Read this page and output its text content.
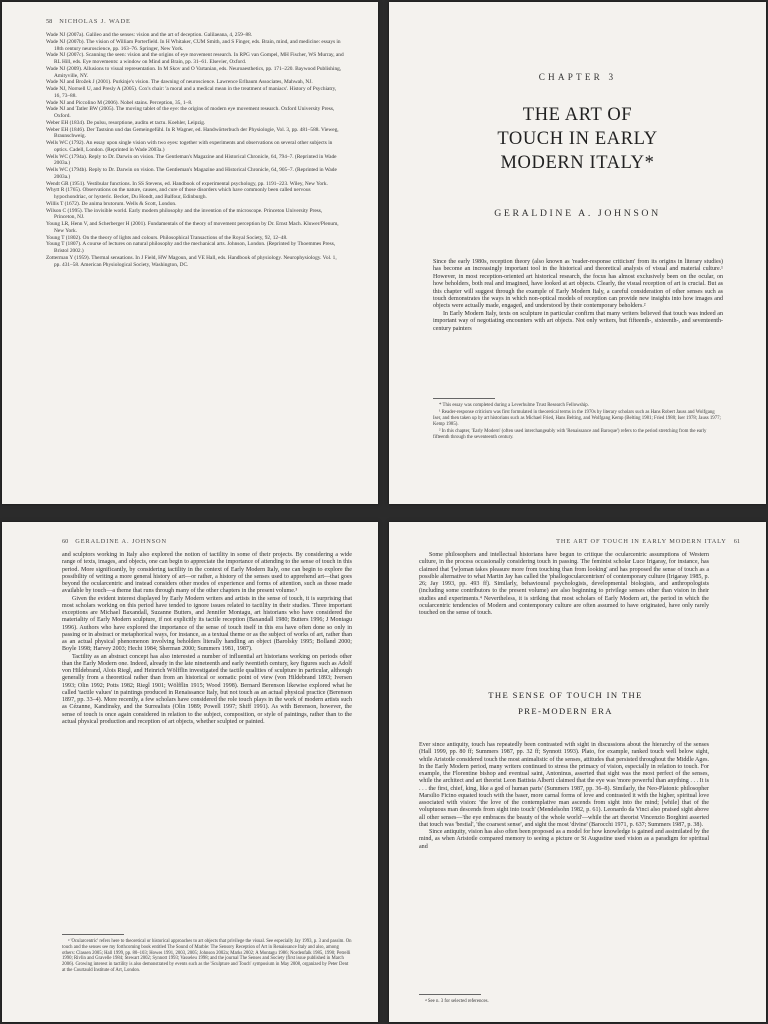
58 NICHOLAS J. WADE

Wade NJ (2007a). Galileo and the senses: vision and the art of deception. Galilaeana, 4, 259–88.

Wade NJ (2007b). The vision of William Porterfield. In H Whitaker, CUM Smith, and S Finger, eds. Brain, mind, and medicine: essays in 18th century neuroscience, pp. 163–76. Springer, New York.

Wade NJ (2007c). Scanning the seen: vision and the origins of eye movement research. In RPG van Gompel, MH Fischer, WS Murray, and RL Hill, eds. Eye movements: a window on Mind and Brain, pp. 31–61. Elsevier, Oxford.

Wade NJ (2009). Allusions to visual representation. In M Skov and O Vartanian, eds. Neuroaesthetics, pp. 171–220. Baywood Publishing, Amityville, NY.

Wade NJ and Brožek J (2001). Purkinje's vision. The dawning of neuroscience. Lawrence Erlbaum Associates, Mahwah, NJ.

Wade NJ, Norrsell U, and Presly A (2005). Cox's chair: 'a moral and a medical mean in the treatment of maniacs'. History of Psychiatry, 16, 73–88.

Wade NJ and Piccolino M (2006). Nobel stains. Perception, 35, 1–8.

Wade NJ and Tatler BW (2005). The moving tablet of the eye: the origins of modern eye movement research. Oxford University Press, Oxford.

Weber EH (1834). De pulsu, resorptione, auditu et tactu. Koehler, Leipzig.

Weber EH (1846). Der Tastsinn und das Gemeingefühl. In R Wagner, ed. Handwörterbuch der Physiologie, Vol. 3, pp. 481–588. Vieweg, Braunschweig.

Wells WC (1792). An essay upon single vision with two eyes: together with experiments and observations on several other subjects in optics. Cadell, London. (Reprinted in Wade 2003a.)

Wells WC (1794a). Reply to Dr. Darwin on vision. The Gentleman's Magazine and Historical Chronicle, 64, 794–7. (Reprinted in Wade 2003a.)

Wells WC (1794b). Reply to Dr. Darwin on vision. The Gentleman's Magazine and Historical Chronicle, 64, 905–7. (Reprinted in Wade 2003a.)

Wendt GR (1951). Vestibular functions. In SS Stevens, ed. Handbook of experimental psychology, pp. 1191–223. Wiley, New York.

Whytt R (1765). Observations on the nature, causes, and cure of those disorders which have commonly been called nervous hypochondriac, or hysteric. Becket, Du Hondt, and Balfour, Edinburgh.

Willis T (1672). De anima brutorum. Wells & Scott, London.

Wilson C (1995). The invisible world. Early modern philosophy and the invention of the microscope. Princeton University Press, Princeton, NJ.

Young LR, Henn V, and Scherberger H (2001). Fundamentals of the theory of movement perception by Dr. Ernst Mach. Kluwer/Plenum, New York.

Young T (1802). On the theory of lights and colours. Philosophical Transactions of the Royal Society, 92, 12–48.

Young T (1807). A course of lectures on natural philosophy and the mechanical arts. Johnson, London. (Reprinted by Thoemmes Press, Bristol 2002.)

Zotterman Y (1959). Thermal sensations. In J Field, HW Magoun, and VE Hall, eds. Handbook of physiology. Neurophysiology. Vol. 1, pp. 431–58. American Physiological Society, Washington, DC.

CHAPTER 3
THE ART OF
TOUCH IN EARLY
MODERN ITALY*
GERALDINE A. JOHNSON

Since the early 1980s, reception theory (also known as 'reader-response criticism' from its origins in literary studies) has become an increasingly important tool in the historical and theoretical analysis of visual and material culture.¹ However, in most reception-oriented art historical research, the focus has almost exclusively been on the ocular, on how beholders, both real and imagined, have looked at art objects. Clearly, the visual reception of art is crucial. But as this chapter will suggest through the example of Early Modern Italy, a careful consideration of other senses such as touch demonstrates the ways in which non-optical models of reception can provide new insights into how images and objects were actually made, engaged, and understood by their contemporary beholders.²

In Early Modern Italy, texts on sculpture in particular confirm that many writers believed that touch was indeed an important way of negotiating encounters with art objects. Not only writers, but fifteenth-, sixteenth-, and seventeenth-century painters

* This essay was completed during a Leverhulme Trust Research Fellowship.

¹ Reader-response criticism was first formulated in theoretical terms in the 1970s by literary scholars such as Hans Robert Jauss and Wolfgang Iser, and then taken up by art historians such as Michael Fried, Hans Belting, and Wolfgang Kemp (Belting 1981; Fried 1980; Iser 1978; Jauss 1977; Kemp 1985).

² In this chapter, 'Early Modern' (often used interchangeably with 'Renaissance and Baroque') refers to the period stretching from the early fifteenth through the seventeenth century.

60 GERALDINE A. JOHNSON

and sculptors working in Italy also explored the notion of tactility in some of their projects. By considering a wide range of texts, images, and objects, one can begin to appreciate the importance of attending to the sense of touch in this period. More significantly, by considering tactility in the context of Early Modern Italy, one can begin to explore the possibility of writing a more general history of art—or rather, a history of the senses used to apprehend art—that goes beyond the ocularcentric and instead considers other modes of experience and forms of attention, such as those made available by touch—a theme that runs through many of the other chapters in the present volume.³

Given the evident interest displayed by Early Modern writers and artists in the sense of touch, it is surprising that most scholars working on this period have tended to ignore issues related to tactility in their studies. Three important exceptions are Michael Baxandall, Suzanne Butters, and Jennifer Montagu, art historians who have considered the materiality of Early Modern sculpture, if not explicitly its tactile reception (Baxandall 1980; Butters 1996; J Montagu 1996). Authors who have explored the importance of the sense of touch itself in this era have often done so only in passing or in abstract or metaphorical ways, for instance, as a textual theme or as the subject of works of art, rather than as an actual physical phenomenon involving beholders literally handling an object (Barolsky 1995; Bolland 2000; Boyle 1998; Harvey 2003; Hecht 1984; Sherman 2000; Summers 1981, 1987).

Tactility as an abstract concept has also interested a number of influential art historians working on periods other than the Early Modern one. Indeed, already in the late nineteenth and early twentieth century, key figures such as Adolf von Hildebrand, Alois Riegl, and Heinrich Wölfflin investigated the tactile qualities of sculpture in particular, although generally from a theoretical rather than from an historical or somatic point of view (von Hildebrand 1893; Iversen 1993; Olin 1992; Potts 1982; Riegl 1901; Wölfflin 1915; Wood 1998). Bernard Berenson likewise explored what he called 'tactile values' in paintings produced in Renaissance Italy, but not touch as an actual physical practice (Berenson 1897, pp. 33–4). More recently, a few scholars have considered the role touch plays in the work of modern artists such as Cézanne, Kandinsky, and the Surrealists (Olin 1989; Powell 1997; Shiff 1991). As with Berenson, however, the sense of touch is once again considered in relation to the subject, composition, or style of paintings, rather than to the actual physical production and reception of art objects, whether sculpted or painted.

³ 'Ocularcentric' refers here to theoretical or historical approaches to art objects that privilege the visual. See especially Jay 1993, p. 3 and passim. On touch and the senses see my forthcoming book entitled The Sound of Marble: The Sensory Reception of Art in Renaissance Italy and also, among others: Classen 2005; Hall 1999, pp. 80–103; Howes 1991, 2003, 2005; Johnson 2002a; Marks 2002; A Montagu 1986; Nordenfalk 1985, 1990; Petrelli 1990; Rivlin and Gravelle 1984; Stewart 2002; Synnott 1993; Vasseleu 1998; and the journal The Senses and Society (first issue published in March 2006). Growing interest in tactility is also demonstrated by events such as the 'Sculpture and Touch' symposium in May 2008, organized by Peter Dent at the Courtauld Institute of Art, London.

THE ART OF TOUCH IN EARLY MODERN ITALY 61

Some philosophers and intellectual historians have begun to critique the ocularcentric assumptions of Western culture, in the process occasionally considering touch in passing. The feminist scholar Luce Irigaray, for instance, has claimed that '[w]oman takes pleasure more from touching than from looking' and has proposed the sense of touch as a possible alternative to what Martin Jay has called the 'phallogocularcentrism' of contemporary culture (Irigaray 1985, p. 26; Jay 1993, pp. 493 ff). Similarly, behavioural psychologists, developmental biologists, and anthropologists (including some contributors to the present volume) are also beginning to privilege senses other than vision in their studies and experiments.⁴ Nevertheless, it is striking that most scholars of Early Modern art, the period in which the ocularcentric tendencies of Modern and contemporary culture are often assumed to have originated, have only rarely touched on the sense of touch.

THE SENSE OF TOUCH IN THE
PRE-MODERN ERA

Ever since antiquity, touch has repeatedly been contrasted with sight in discussions about the hierarchy of the senses (Hall 1999, pp. 80 ff; Summers 1987, pp. 32 ff; Synnott 1993). Plato, for example, ranked touch well below sight, while Aristotle considered touch the most animalistic of the senses, attitudes that persisted throughout the Middle Ages. In the Early Modern period, many writers continued to stress the primacy of vision, especially in relation to touch. For example, the Florentine bishop and eventual saint, Antoninus, asserted that sight was the most perfect of the senses, while the architect and art theorist Leon Battista Alberti claimed that the eye was 'more powerful than anything . . . It is . . . the first, chief, king, like a god of human parts' (Summers 1987, pp. 36–8). Similarly, the Neo-Platonic philosopher Marsilio Ficino equated touch with the baser, more carnal forms of love and contrasted it with the higher, spiritual love associated with vision: 'the love of the contemplative man ascends from sight into the mind; [while] that of the voluptuous man descends from sight into touch' (Mendelsohn 1982, p. 61). Leonardo da Vinci also praised sight above all other senses—'the eye embraces the beauty of the whole world'—while the art theorist Vincenzio Borghini asserted that touch was 'bestial', 'the coarsest sense', and sight the most 'divine' (Barocchi 1971, p. 637; Summers 1987, p. 38).

Since antiquity, vision has also often been proposed as a model for how knowledge is gained and assimilated by the mind, as when Aristotle compared memory to seeing a picture or St Augustine used vision as a paradigm for spiritual and

⁴ See n. 3 for selected references.
